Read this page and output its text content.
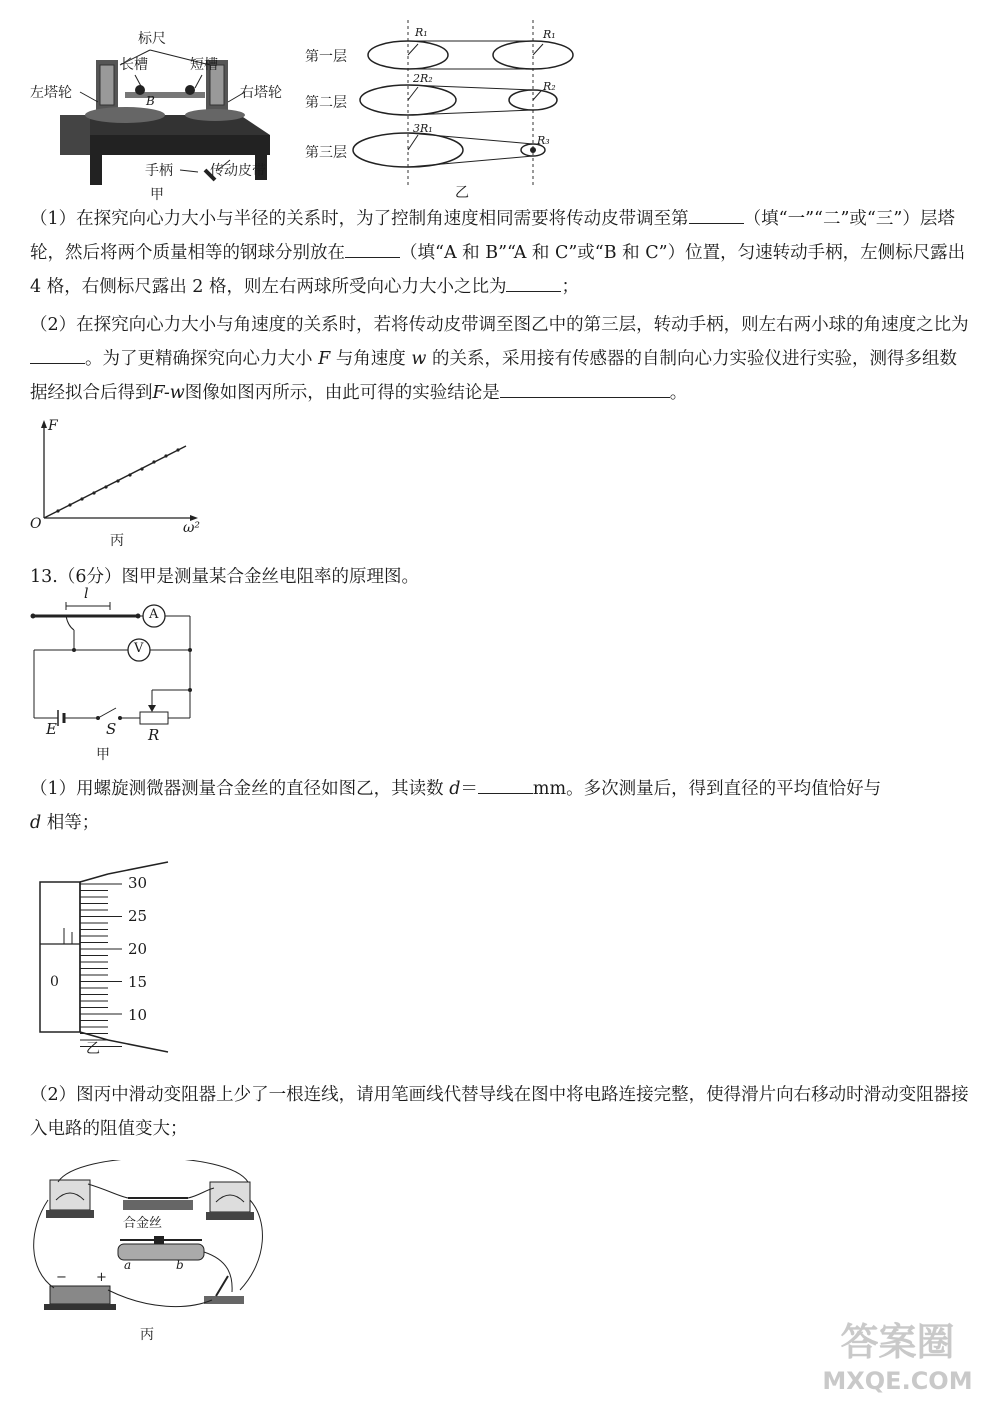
标尺
长槽	短槽
左塔轮	右塔轮
手柄	传动皮带
A B C
甲
第一层
第二层
第三层
R₁
2R₂
3R₁
R₁
R₂
R₃
乙
（1）在探究向心力大小与半径的关系时，为了控制角速度相同需要将传动皮带调至第	（填“一”“二”或“三”）层塔轮，然后将两个质量相等的钢球分别放在	（填“A 和 B”“A 和 C”或“B 和 C”）位置，匀速转动手柄，左侧标尺露出 4 格，右侧标尺露出 2 格，则左右两球所受向心力大小之比为	；
（2）在探究向心力大小与角速度的关系时，若将传动皮带调至图乙中的第三层，转动手柄，则左右两小球的角速度之比为。为了更精确探究向心力大小 F 与角速度 w 的关系，采用接有传感器的自制向心力实验仪进行实验，测得多组数据经拟合后得到F-w图像如图丙所示，由此可得的实验结论是	。
F
ω²
O
丙
13.（6分）图甲是测量某合金丝电阻率的原理图。
l
A
V
E	S R
甲
（1）用螺旋测微器测量合金丝的直径如图乙，其读数 d＝	mm。多次测量后，得到直径的平均值恰好与
d 相等；
30
25
20
15
10
0
乙
（2）图丙中滑动变阻器上少了一根连线，请用笔画线代替导线在图中将电路连接完整，使得滑片向右移动时滑动变阻器接入电路的阻值变大；
合金丝
a	b
− +
丙	答案圈
MXQE.COM
